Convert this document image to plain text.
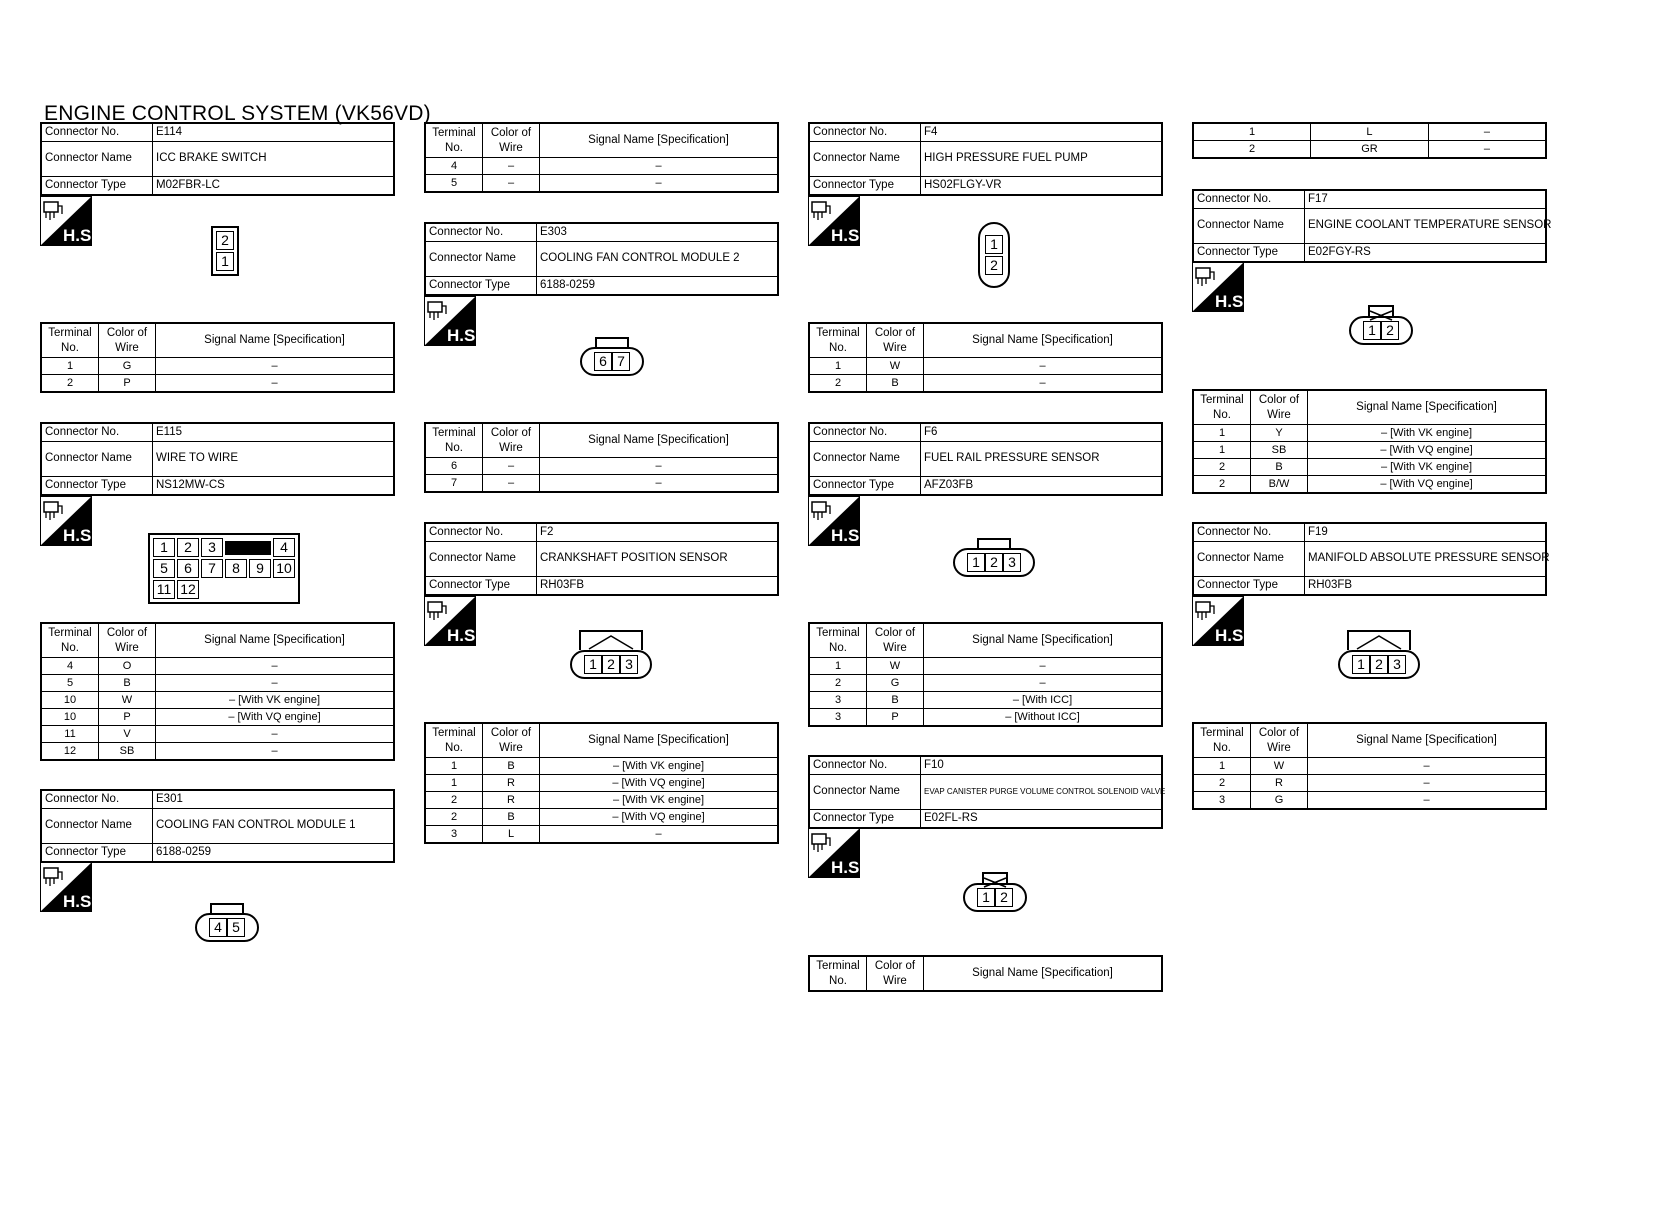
ENGINE CONTROL SYSTEM (VK56VD)
Connector No.	E114
Connector Name	ICC BRAKE SWITCH
Connector Type	M02FBR-LC
H.S.	2
1
Terminal No.	Color of Wire	Signal Name [Specification]
1	G	–
2	P	–
Connector No.	E115
Connector Name	WIRE TO WIRE
Connector Type	NS12MW-CS
H.S.
1	2	3	4
5	6	7	8	9 10
11 12
Terminal No.	Color of Wire	Signal Name [Specification]
4	O	–
5	B	–
10	W	– [With VK engine]
10	P	– [With VQ engine]
11	V	–
12	SB	–
Connector No.	E301
Connector Name	COOLING FAN CONTROL MODULE 1
Connector Type	6188-0259
H.S.
4 5
Connector No.	E303
Connector Name	COOLING FAN CONTROL MODULE 2
Connector Type	6188-0259
H.S.
6 7
Terminal No.	Color of Wire	Signal Name [Specification]
6	–	–
7	–	–
Connector No.	F2
Connector Name	CRANKSHAFT POSITION SENSOR
Connector Type	RH03FB
H.S.
1 2 3
Terminal No.	Color of Wire	Signal Name [Specification]
1	B	– [With VK engine]
1	R	– [With VQ engine]
2	R	– [With VK engine]
2	B	– [With VQ engine]
3	L	–
Connector No.	F4
Connector Name	HIGH PRESSURE FUEL PUMP
Connector Type	HS02FLGY-VR
H.S.	1
2
Terminal No.	Color of Wire	Signal Name [Specification]
1	W	–
2	B	–
Connector No.	F6
Connector Name	FUEL RAIL PRESSURE SENSOR
Connector Type	AFZ03FB
H.S.
1 2 3
Terminal No.	Color of Wire	Signal Name [Specification]
1	W	–
2	G	–
3	B	– [With ICC]
3	P	– [Without ICC]
Connector No.	F10
Connector Name	EVAP CANISTER PURGE VOLUME CONTROL SOLENOID VALVE
Connector Type	E02FL-RS
H.S.
1 2
Terminal No.	Color of Wire	Signal Name [Specification]
Connector No.	F17
Connector Name	ENGINE COOLANT TEMPERATURE SENSOR
Connector Type	E02FGY-RS
H.S.
1 2
Terminal No.	Color of Wire	Signal Name [Specification]
1	Y	– [With VK engine]
1	SB	– [With VQ engine]
2	B	– [With VK engine]
2	B/W	– [With VQ engine]
Connector No.	F19
Connector Name	MANIFOLD ABSOLUTE PRESSURE SENSOR
Connector Type	RH03FB
H.S.
1 2 3
Terminal No.	Color of Wire	Signal Name [Specification]
1	W	–
2	R	–
3	G	–
Terminal No.	Color of Wire	Signal Name [Specification]
4	–	–
5	–	–
1	L	–
2	GR	–
